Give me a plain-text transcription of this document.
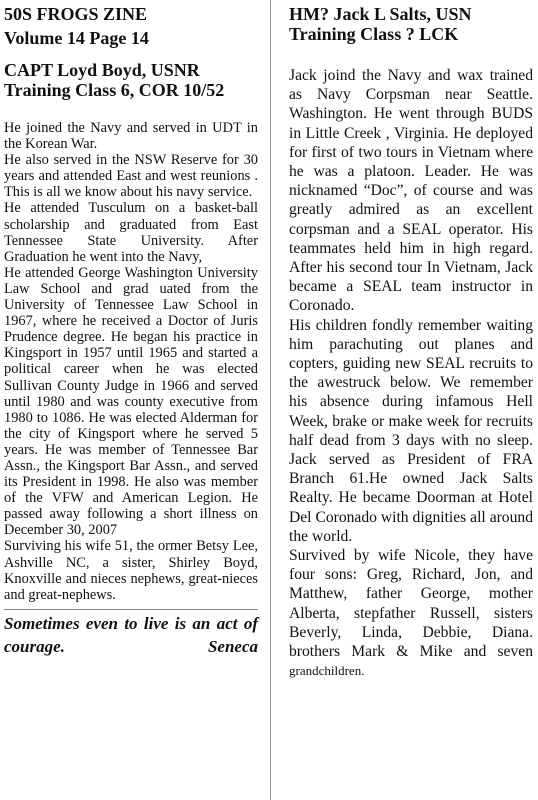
50S FROGS ZINE
Volume 14 Page 14
CAPT Loyd Boyd, USNR Training Class 6, COR 10/52

He joined the Navy and served in UDT in the Korean War.

He also served in the NSW Reserve for 30 years and attended East and west reunions . This is all we know about his navy service.

He attended Tusculum on a basket-ball scholarship and graduated from East Tennessee State University. After Graduation he went into the Navy,

He attended George Washington University Law School and grad uated from the University of Tennessee Law School in 1967, where he received a Doctor of Juris Prudence degree. He began his practice in Kingsport in 1957 until 1965 and started a political career when he was elected Sullivan County Judge in 1966 and served until 1980 and was county executive from 1980 to 1086. He was elected Alderman for the city of Kingsport where he served 5 years. He was member of Tennessee Bar Assn., the Kingsport Bar Assn., and served its President in 1998. He also was member of the VFW and American Legion. He passed away following a short illness on December 30, 2007

Surviving his wife 51, the ormer Betsy Lee, Ashville NC, a sister, Shirley Boyd, Knoxville and nieces nephews, great-nieces and great-nephews.

Sometimes even to live is an act of courage.	Seneca
HM? Jack L Salts, USN Training Class ? LCK

Jack joind the Navy and wax trained as Navy Corpsman near Seattle. Washington. He went through BUDS in Little Creek , Virginia. He deployed for first of two tours in Vietnam where he was a platoon. Leader. He was nicknamed “Doc”, of course and was greatly admired as an excellent corpsman and a SEAL operator. His teammates held him in high regard. After his second tour In Vietnam, Jack became a SEAL team instructor in Coronado.

His children fondly remember waiting him parachuting out planes and copters, guiding new SEAL recruits to the awestruck below. We remember his absence during infamous Hell Week, brake or make week for recruits half dead from 3 days with no sleep. Jack served as President of FRA Branch 61.He owned Jack Salts Realty. He became Doorman at Hotel Del Coronado with dignities all around the world.

Survived by wife Nicole, they have four sons: Greg, Richard, Jon, and Matthew, father George, mother Alberta, stepfather Russell, sisters Beverly, Linda, Debbie, Diana. brothers Mark & Mike and seven grandchildren.
